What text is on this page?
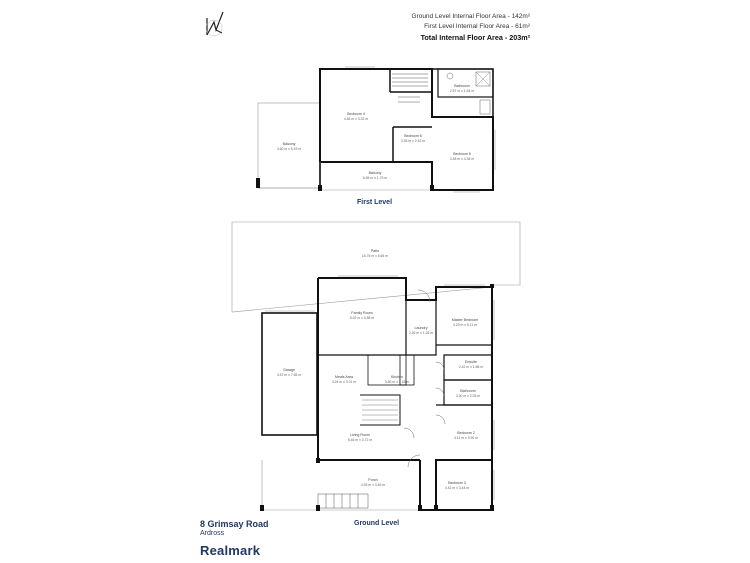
Bedroom 4
4.46 m x 3.32 m
Bedroom 6
3.35 m x 2.52 m
Bedroom 5
3.48 m x 4.36 m
Bathroom
2.57 m x 1.64 m
Balcony
3.60 m x 5.19 m
Balcony
6.65 m x 1.79 m
Patio
16.76 m x 6.65 m
Family Room
5.02 m x 4.88 m
Laundry
2.26 m x 1.26 m
Master Bedroom
3.29 m x 5.11 m
Garage
3.57 m x 7.65 m	Meals Area
3.24 m x 3.21 m
Kitchen
3.50 m x 3.18 m
Ensuite
2.42 m x 1.86 m
Bathroom
3.30 m x 2.05 m
Living Room
5.46 m x 3.72 m
Bedroom 2
3.11 m x 3.90 m
Porch
4.93 m x 3.49 m	Bedroom 3
4.42 m x 3.44 m
Ground Level Internal Floor Area - 142m²
First Level Internal Floor Area - 61m²
Total Internal Floor Area - 203m²
First Level
Ground Level
8 Grimsay Road
Ardross
Realmark
